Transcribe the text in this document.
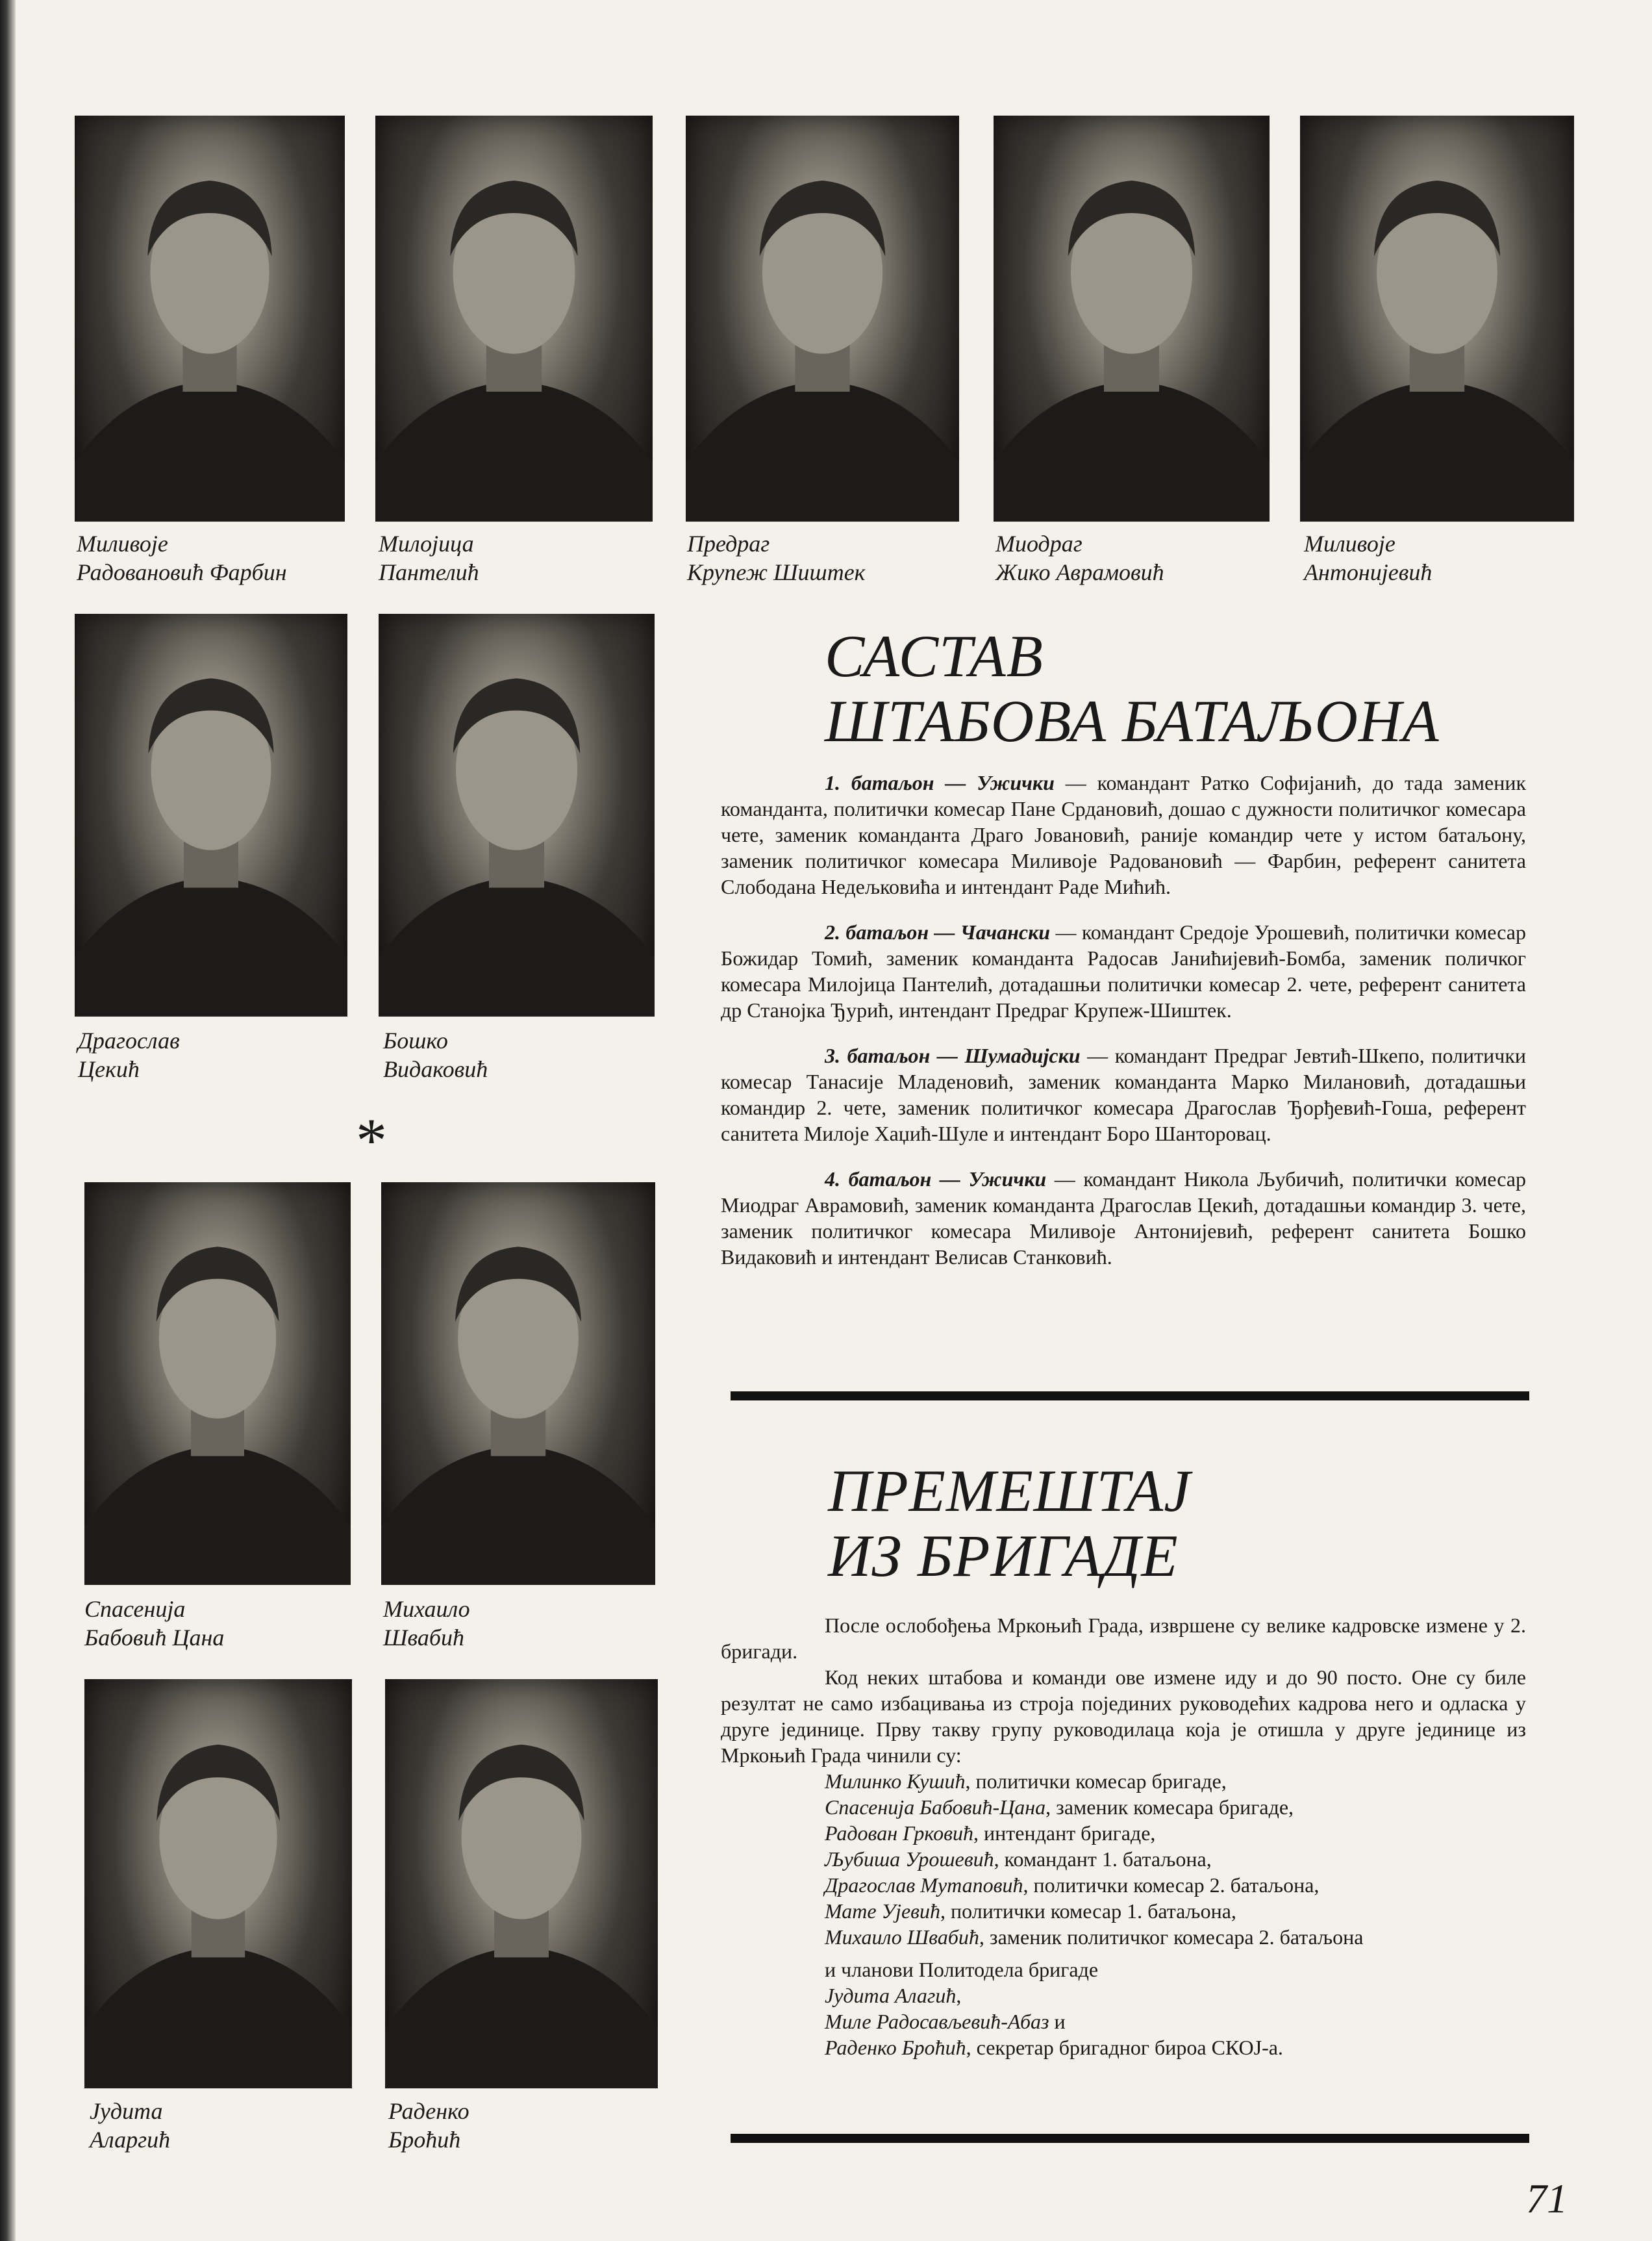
Миливоје
Радовановић Фарбин

Милојица
Пантелић

Предраг
Крупеж Шиштек

Миодраг
Жико Аврамовић

Миливоје
Антонијевић

Драгослав
Цекић

Бошко
Видаковић

*

Спасенија
Бабовић Цана

Михаило
Швабић

Јудита
Аларгић

Раденко
Броћић

САСТАВ
ШТАБОВА БАТАЉОНА

1. батаљон — Ужички — командант Ратко Софијанић, до тада заменик команданта, политички комесар Пане Срдановић, дошао с дужности политичког комесара чете, заменик команданта Драго Јовановић, раније командир чете у истом батаљону, заменик политичког комесара Миливоје Радовановић — Фарбин, референт санитета Слободана Недељковића и интендант Раде Мићић.

2. батаљон — Чачански — командант Средоје Урошевић, политички комесар Божидар Томић, заменик команданта Радосав Јанићијевић-Бомба, заменик поличког комесара Милојица Пантелић, дотадашњи политички комесар 2. чете, референт санитета др Станојка Ђурић, интендант Предраг Крупеж-Шиштек.

3. батаљон — Шумадијски — командант Предраг Јевтић-Шкепо, политички комесар Танасије Младеновић, заменик команданта Марко Милановић, дотадашњи командир 2. чете, заменик политичког комесара Драгослав Ђорђевић-Гоша, референт санитета Милоје Хаџић-Шуле и интендант Боро Шанторовац.

4. батаљон — Ужички — командант Никола Љубичић, политички комесар Миодраг Аврамовић, заменик команданта Драгослав Цекић, дотадашњи командир 3. чете, заменик политичког комесара Миливоје Антонијевић, референт санитета Бошко Видаковић и интендант Велисав Станковић.

ПРЕМЕШТАЈ
ИЗ БРИГАДЕ

После ослобођења Мркоњић Града, извршене су велике кадровске измене у 2. бригади.

Код неких штабова и команди ове измене иду и до 90 посто. Оне су биле резултат не само избацивања из строја појединих руководећих кадрова него и одласка у друге јединице. Прву такву групу руководилаца која је отишла у друге јединице из Мркоњић Града чинили су:

Милинко Кушић, политички комесар бригаде,
Спасенија Бабовић-Цана, заменик комесара бригаде,
Радован Грковић, интендант бригаде,
Љубиша Урошевић, командант 1. батаљона,
Драгослав Мутаповић, политички комесар 2. батаљона,
Мате Ујевић, политички комесар 1. батаљона,
Михаило Швабић, заменик политичког комесара 2. батаљона
и чланови Политодела бригаде
Јудита Алагић,
Миле Радосављевић-Абаз и
Раденко Броћић, секретар бригадног бироа СКОЈ-а.
71
